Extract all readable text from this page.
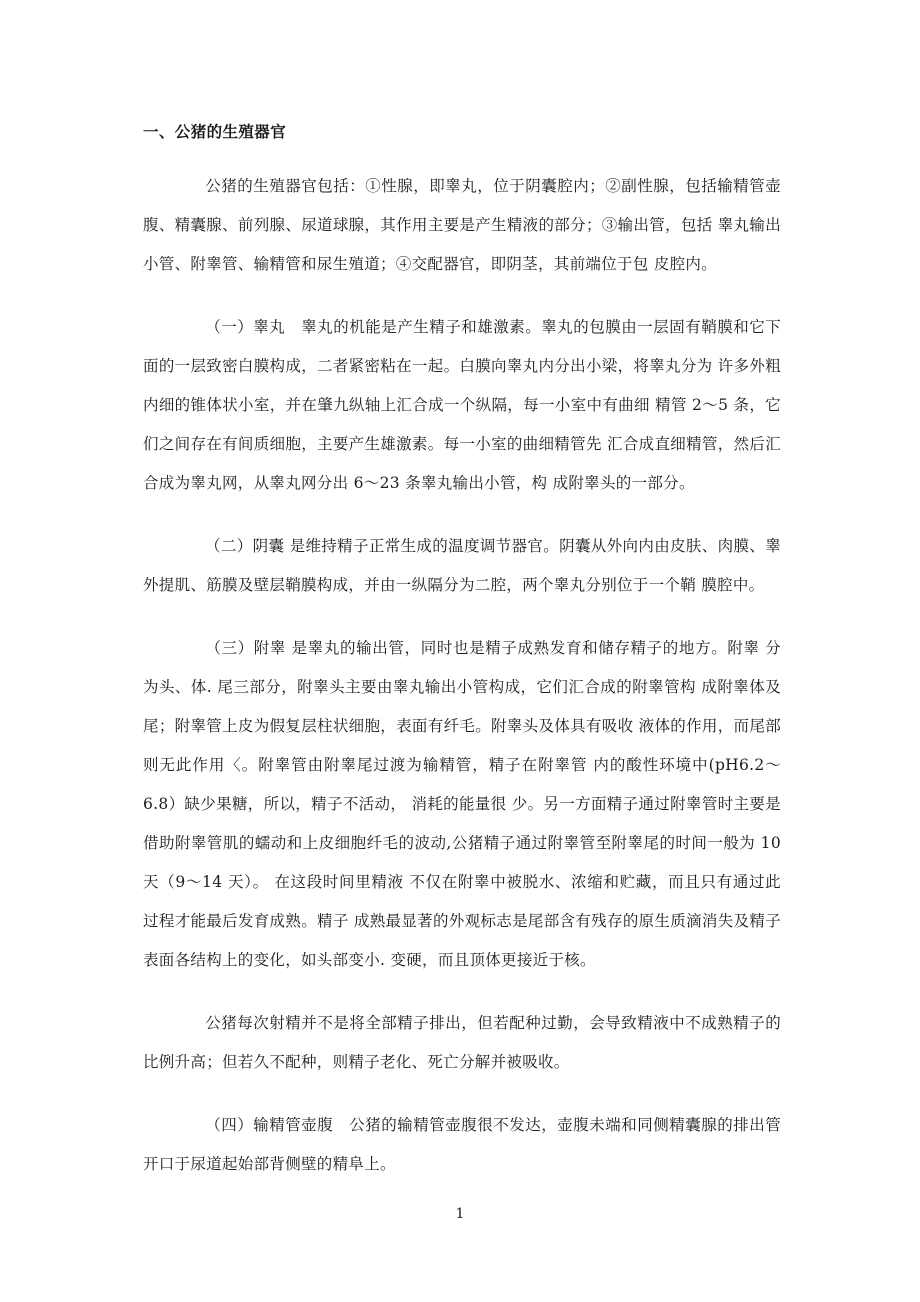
一、公猪的生殖器官

公猪的生殖器官包括：①性腺，即睾丸，位于阴囊腔内；②副性腺，包括输精管壶腹、精囊腺、前列腺、尿道球腺，其作用主要是产生精液的部分；③输出管，包括 睾丸输出小管、附睾管、输精管和尿生殖道；④交配器官，即阴茎，其前端位于包 皮腔内。

（一）睾丸　睾丸的机能是产生精子和雄激素。睾丸的包膜由一层固有鞘膜和它下面的一层致密白膜构成，二者紧密粘在一起。白膜向睾丸内分出小梁，将睾丸分为 许多外粗内细的锥体状小室，并在肇九纵轴上汇合成一个纵隔，每一小室中有曲细 精管 2～5 条，它们之间存在有间质细胞，主要产生雄激素。每一小室的曲细精管先 汇合成直细精管，然后汇合成为睾丸网，从睾丸网分出 6～23 条睾丸输出小管，构 成附睾头的一部分。

（二）阴囊 是维持精子正常生成的温度调节器官。阴囊从外向内由皮肤、肉膜、睾外提肌、筋膜及壁层鞘膜构成，并由一纵隔分为二腔，两个睾丸分别位于一个鞘 膜腔中。

（三）附睾 是睾丸的输出管，同时也是精子成熟发育和储存精子的地方。附睾 分为头、体. 尾三部分，附睾头主要由睾丸输出小管构成，它们汇合成的附睾管构 成附睾体及尾；附睾管上皮为假复层柱状细胞，表面有纤毛。附睾头及体具有吸收 液体的作用，而尾部则无此作用〈。附睾管由附睾尾过渡为输精管，精子在附睾管 内的酸性环境中(pH6.2～6.8）缺少果糖，所以，精子不活动， 消耗的能量很 少。另一方面精子通过附睾管时主要是借助附睾管肌的蠕动和上皮细胞纤毛的波动,公猪精子通过附睾管至附睾尾的时间一般为 10 天（9～14 天）。 在这段时间里精液 不仅在附睾中被脱水、浓缩和贮藏，而且只有通过此过程才能最后发育成熟。精子 成熟最显著的外观标志是尾部含有残存的原生质滴消失及精子表面各结构上的变化，如头部变小. 变硬，而且顶体更接近于核。

公猪每次射精并不是将全部精子排出，但若配种过勤，会导致精液中不成熟精子的比例升高；但若久不配种，则精子老化、死亡分解并被吸收。

（四）输精管壶腹　公猪的输精管壶腹很不发达，壶腹未端和同侧精囊腺的排出管开口于尿道起始部背侧壁的精阜上。

1
